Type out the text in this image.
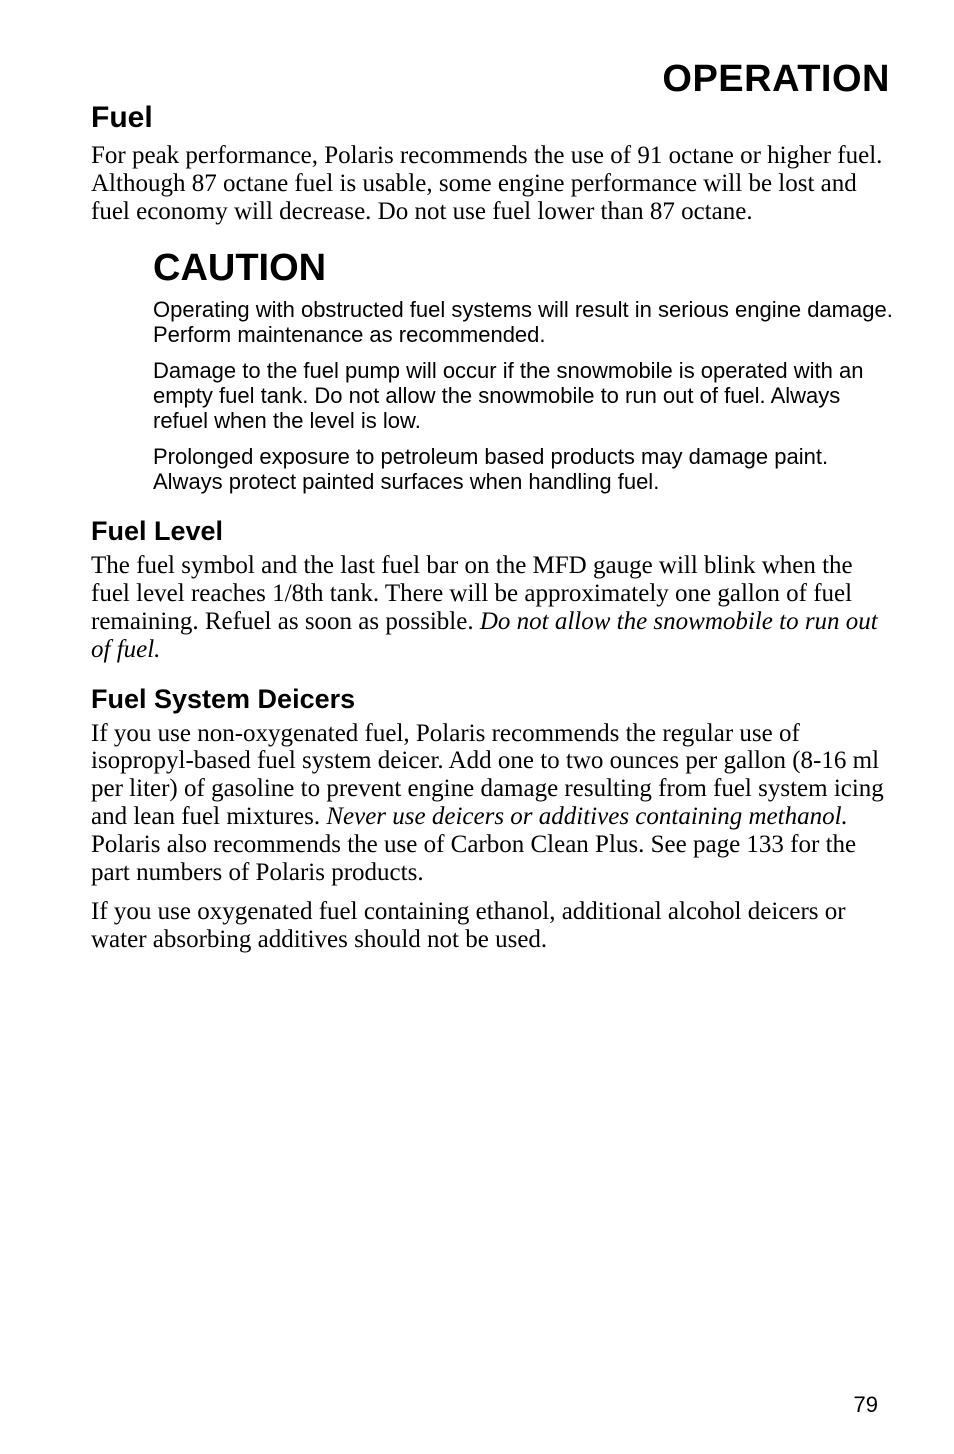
OPERATION
Fuel

For peak performance, Polaris recommends the use of 91 octane or higher fuel. Although 87 octane fuel is usable, some engine performance will be lost and fuel economy will decrease. Do not use fuel lower than 87 octane.

CAUTION

Operating with obstructed fuel systems will result in serious engine damage. Perform maintenance as recommended.

Damage to the fuel pump will occur if the snowmobile is operated with an empty fuel tank. Do not allow the snowmobile to run out of fuel. Always refuel when the level is low.

Prolonged exposure to petroleum based products may damage paint. Always protect painted surfaces when handling fuel.

Fuel Level

The fuel symbol and the last fuel bar on the MFD gauge will blink when the fuel level reaches 1/8th tank. There will be approximately one gallon of fuel remaining. Refuel as soon as possible. Do not allow the snowmobile to run out of fuel.

Fuel System Deicers

If you use non-oxygenated fuel, Polaris recommends the regular use of isopropyl-based fuel system deicer. Add one to two ounces per gallon (8-16 ml per liter) of gasoline to prevent engine damage resulting from fuel system icing and lean fuel mixtures. Never use deicers or additives containing methanol. Polaris also recommends the use of Carbon Clean Plus. See page 133 for the part numbers of Polaris products.

If you use oxygenated fuel containing ethanol, additional alcohol deicers or water absorbing additives should not be used.

79
